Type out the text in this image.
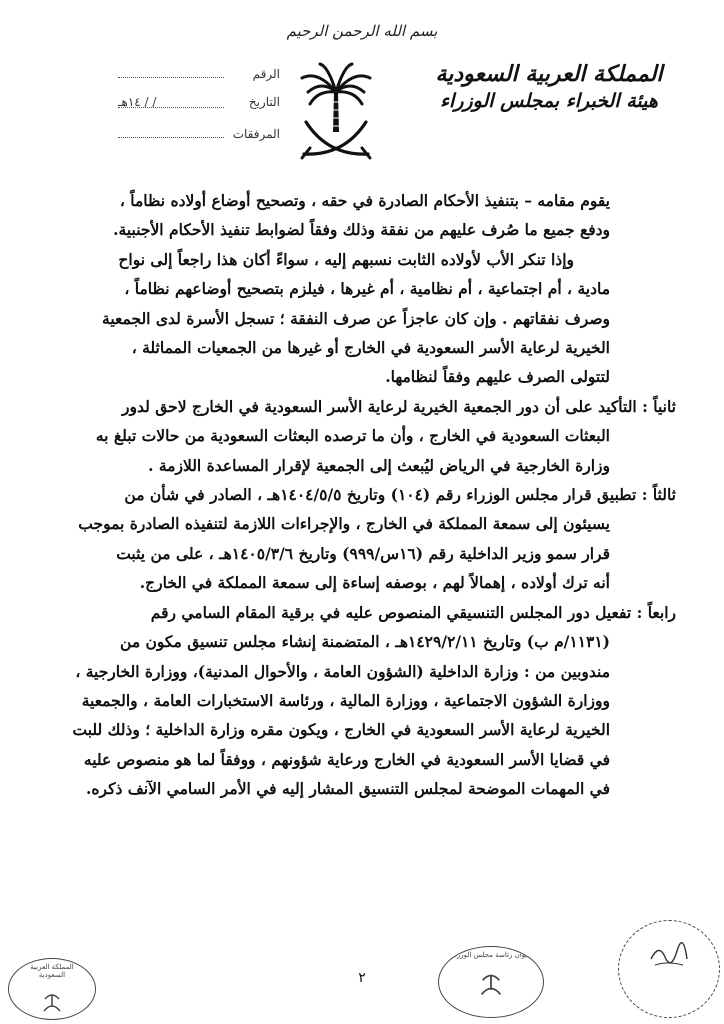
بسم الله الرحمن الرحيم
المملكة العربية السعودية
هيئة الخبراء بمجلس الوزراء
الرقم
التاريخ
/ / ١٤هـ
المرفقات
يقوم مقامه – بتنفيذ الأحكام الصادرة في حقه ، وتصحيح أوضاع أولاده نظاماً ،
ودفع جميع ما صُرف عليهم من نفقة وذلك وفقاً لضوابط تنفيذ الأحكام الأجنبية.
وإذا تنكر الأب لأولاده الثابت نسبهم إليه ، سواءً أكان هذا راجعاً إلى نواح
مادية ، أم اجتماعية ، أم نظامية ، أم غيرها ، فيلزم بتصحيح أوضاعهم نظاماً ،
وصرف نفقاتهم . وإن كان عاجزاً عن صرف النفقة ؛ تسجل الأسرة لدى الجمعية
الخيرية لرعاية الأسر السعودية في الخارج أو غيرها من الجمعيات المماثلة ،
لتتولى الصرف عليهم وفقاً لنظامها.
ثانياً : التأكيد على أن دور الجمعية الخيرية لرعاية الأسر السعودية في الخارج لاحق لدور
البعثات السعودية في الخارج ، وأن ما ترصده البعثات السعودية من حالات تبلغ به
وزارة الخارجية في الرياض ليُبعث إلى الجمعية لإقرار المساعدة اللازمة .
ثالثاً : تطبيق قرار مجلس الوزراء رقم (١٠٤) وتاريخ ١٤٠٤/٥/٥هـ ، الصادر في شأن من
يسيئون إلى سمعة المملكة في الخارج ، والإجراءات اللازمة لتنفيذه الصادرة بموجب
قرار سمو وزير الداخلية رقم (١٦س/٩٩٩) وتاريخ ١٤٠٥/٣/٦هـ ، على من يثبت
أنه ترك أولاده ، إهمالاً لهم ، بوصفه إساءة إلى سمعة المملكة في الخارج.
رابعاً : تفعيل دور المجلس التنسيقي المنصوص عليه في برقية المقام السامي رقم
(١١٣١/م ب) وتاريخ ١٤٢٩/٢/١١هـ ، المتضمنة إنشاء مجلس تنسيق مكون من
مندوبين من : وزارة الداخلية (الشؤون العامة ، والأحوال المدنية)، ووزارة الخارجية ،
ووزارة الشؤون الاجتماعية ، ووزارة المالية ، ورئاسة الاستخبارات العامة ، والجمعية
الخيرية لرعاية الأسر السعودية في الخارج ، ويكون مقره وزارة الداخلية ؛ وذلك للبت
في قضايا الأسر السعودية في الخارج ورعاية شؤونهم ، ووفقاً لما هو منصوص عليه
في المهمات الموضحة لمجلس التنسيق المشار إليه في الأمر السامي الآنف ذكره.
٢
المملكة العربية السعودية
ديوان رئاسة مجلس الوزراء
